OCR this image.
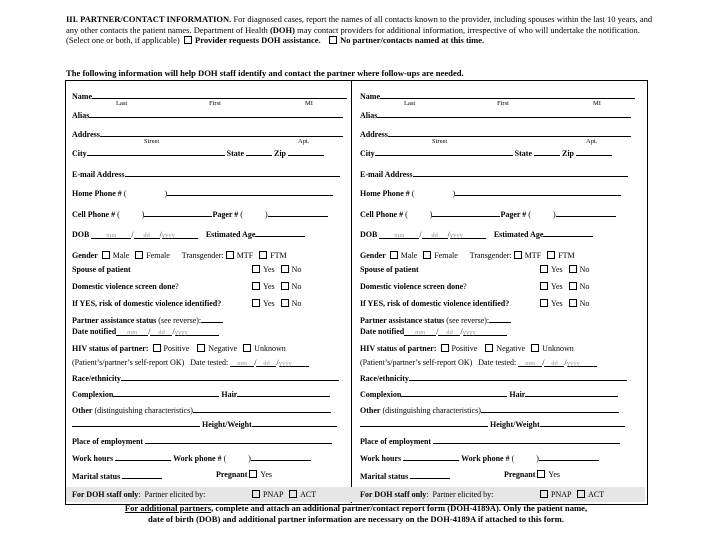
III. PARTNER/CONTACT INFORMATION. For diagnosed cases, report the names of all contacts known to the provider, including spouses within the last 10 years, and any other contacts the patient names. Department of Health (DOH) may contact providers for additional information, irrespective of who will undertake the notification.
(Select one or both, if applicable) Provider requests DOH assistance. No partner/contacts named at this time.
The following information will help DOH staff identify and contact the partner where follow-ups are needed.
Name
Last	First	MI
Alias
Address
Street	Apt.
City	State	Zip
E-mail Address
Home Phone # (	)
Cell Phone # (	)	Pager # (	)
DOB	mm / dd /yyyy	Estimated Age
Gender Male Female Transgender: MTF FTM
Spouse of patient	Yes No
Domestic violence screen done?	Yes No
If YES, risk of domestic violence identified?	Yes No
Partner assistance status (see reverse):
Date notified mm / dd /yyyy
HIV status of partner: Positive Negative Unknown
(Patient’s/partner’s self-report OK) Date tested: mm / dd /yyyy
Race/ethnicity
Complexion	Hair
Other (distinguishing characteristics)
Height/Weight
Place of employment
Work hours	Work phone # (	)
Marital status	Pregnant Yes
For DOH staff only:  Partner elicited by:	PNAP ACT
Name
Last	First	MI
Alias
Address
Street	Apt.
City	State	Zip
E-mail Address
Home Phone # (	)
Cell Phone # (	)	Pager # (	)
DOB	mm / dd /yyyy	Estimated Age
Gender Male Female Transgender: MTF FTM
Spouse of patient	Yes No
Domestic violence screen done?	Yes No
If YES, risk of domestic violence identified?	Yes No
Partner assistance status (see reverse):
Date notified mm / dd /yyyy
HIV status of partner: Positive Negative Unknown
(Patient’s/partner’s self-report OK) Date tested: mm / dd /yyyy
Race/ethnicity
Complexion	Hair
Other (distinguishing characteristics)
Height/Weight
Place of employment
Work hours	Work phone # (	)
Marital status	Pregnant Yes
For DOH staff only:  Partner elicited by:	PNAP ACT
For additional partners, complete and attach an additional partner/contact report form (DOH-4189A). Only the patient name,
date of birth (DOB) and additional partner information are necessary on the DOH-4189A if attached to this form.
